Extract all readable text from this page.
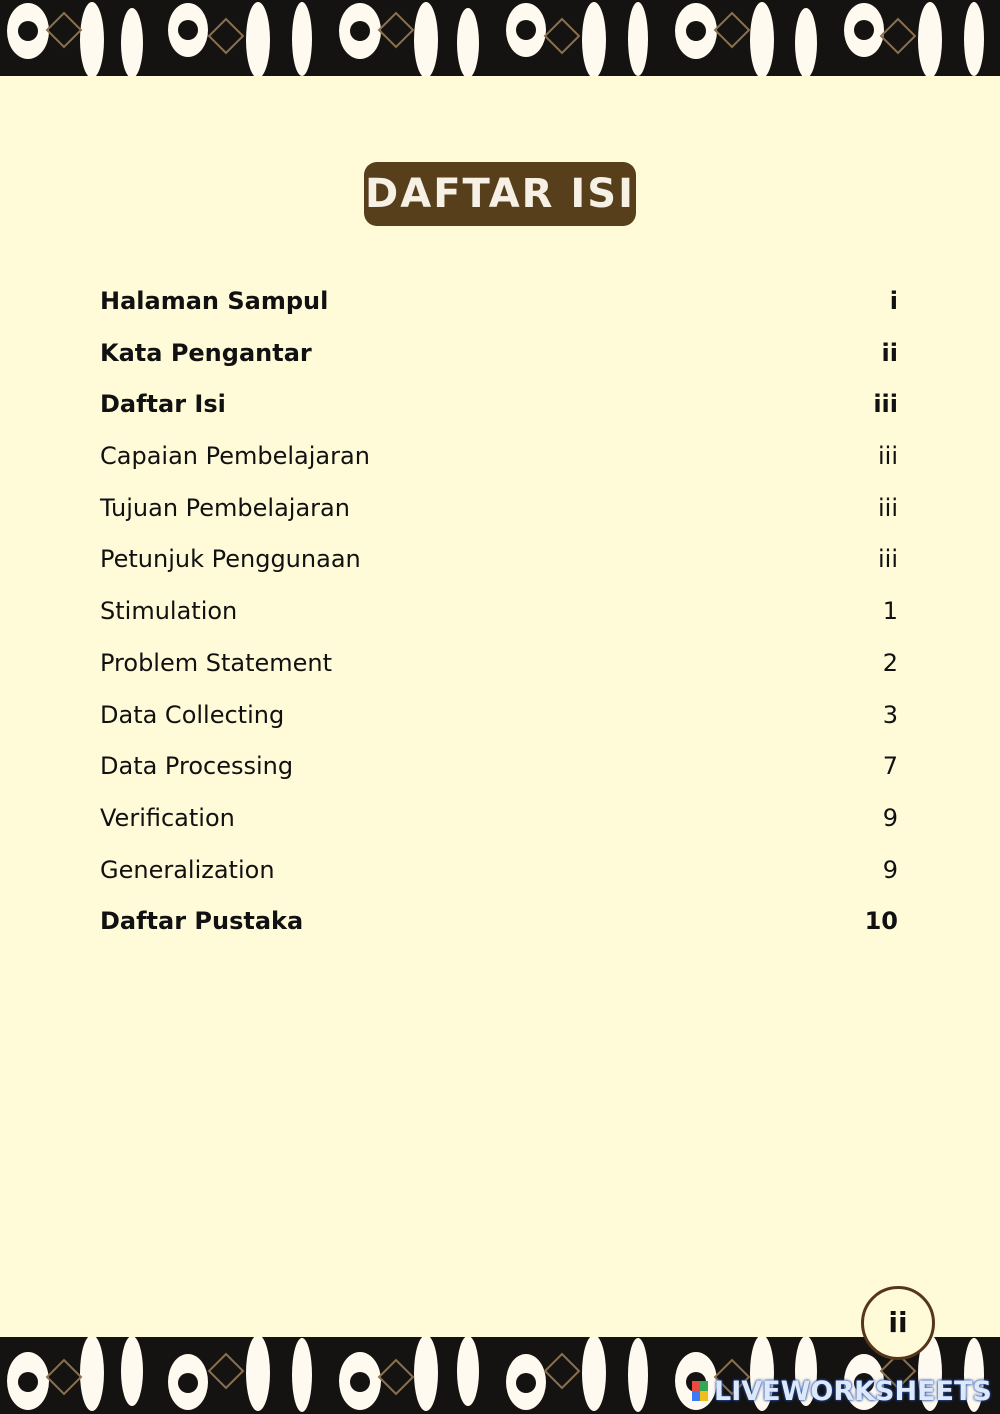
DAFTAR ISI
Halaman Sampul	i
Kata Pengantar	ii
Daftar Isi	iii
Capaian Pembelajaran	iii
Tujuan Pembelajaran	iii
Petunjuk Penggunaan	iii
Stimulation	1
Problem Statement	2
Data Collecting	3
Data Processing	7
Verification	9
Generalization	9
Daftar Pustaka	10
ii
LIVEWORKSHEETS
